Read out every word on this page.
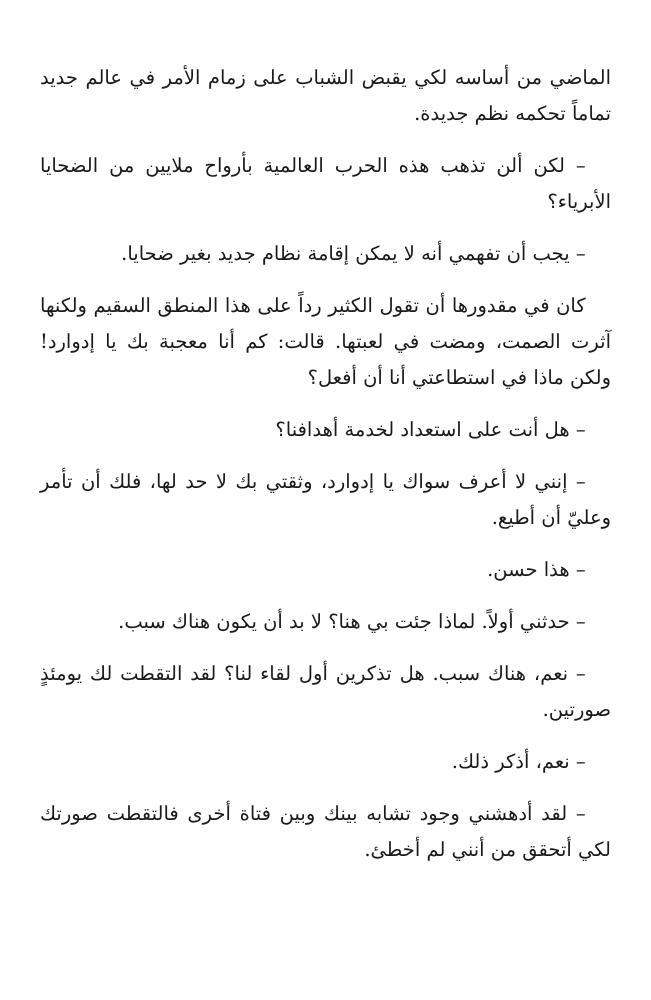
الماضي من أساسه لكي يقبض الشباب على زمام الأمر في عالم جديد تماماً تحكمه نظم جديدة.

– لكن ألن تذهب هذه الحرب العالمية بأرواح ملايين من الضحايا الأبرياء؟

– يجب أن تفهمي أنه لا يمكن إقامة نظام جديد بغير ضحايا.

كان في مقدورها أن تقول الكثير رداً على هذا المنطق السقيم ولكنها آثرت الصمت، ومضت في لعبتها. قالت: كم أنا معجبة بك يا إدوارد! ولكن ماذا في استطاعتي أنا أن أفعل؟

– هل أنت على استعداد لخدمة أهدافنا؟

– إنني لا أعرف سواك يا إدوارد، وثقتي بك لا حد لها، فلك أن تأمر وعليّ أن أطيع.

– هذا حسن.

– حدثني أولاً. لماذا جئت بي هنا؟ لا بد أن يكون هناك سبب.

– نعم، هناك سبب. هل تذكرين أول لقاء لنا؟ لقد التقطت لك يومئذٍ صورتين.

– نعم، أذكر ذلك.

– لقد أدهشني وجود تشابه بينك وبين فتاة أخرى فالتقطت صورتك لكي أتحقق من أنني لم أخطئ.
